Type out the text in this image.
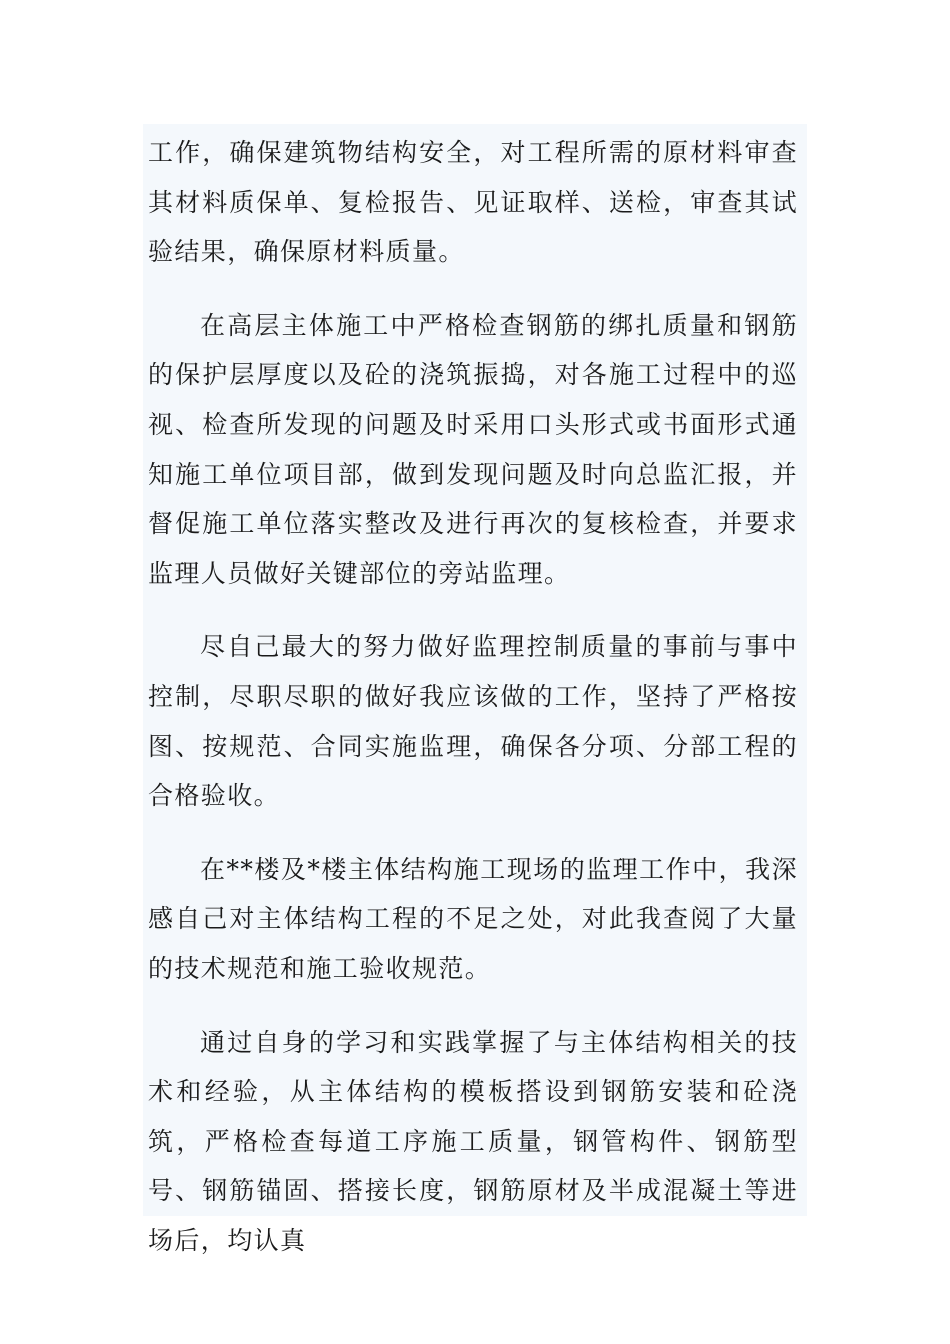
工作，确保建筑物结构安全，对工程所需的原材料审查其材料质保单、复检报告、见证取样、送检，审查其试验结果，确保原材料质量。

在高层主体施工中严格检查钢筋的绑扎质量和钢筋的保护层厚度以及砼的浇筑振捣，对各施工过程中的巡视、检查所发现的问题及时采用口头形式或书面形式通知施工单位项目部，做到发现问题及时向总监汇报，并督促施工单位落实整改及进行再次的复核检查，并要求监理人员做好关键部位的旁站监理。

尽自己最大的努力做好监理控制质量的事前与事中控制，尽职尽职的做好我应该做的工作，坚持了严格按图、按规范、合同实施监理，确保各分项、分部工程的合格验收。

在**楼及*楼主体结构施工现场的监理工作中，我深感自己对主体结构工程的不足之处，对此我查阅了大量的技术规范和施工验收规范。

通过自身的学习和实践掌握了与主体结构相关的技术和经验，从主体结构的模板搭设到钢筋安装和砼浇筑，严格检查每道工序施工质量，钢管构件、钢筋型号、钢筋锚固、搭接长度，钢筋原材及半成混凝土等进场后，均认真
